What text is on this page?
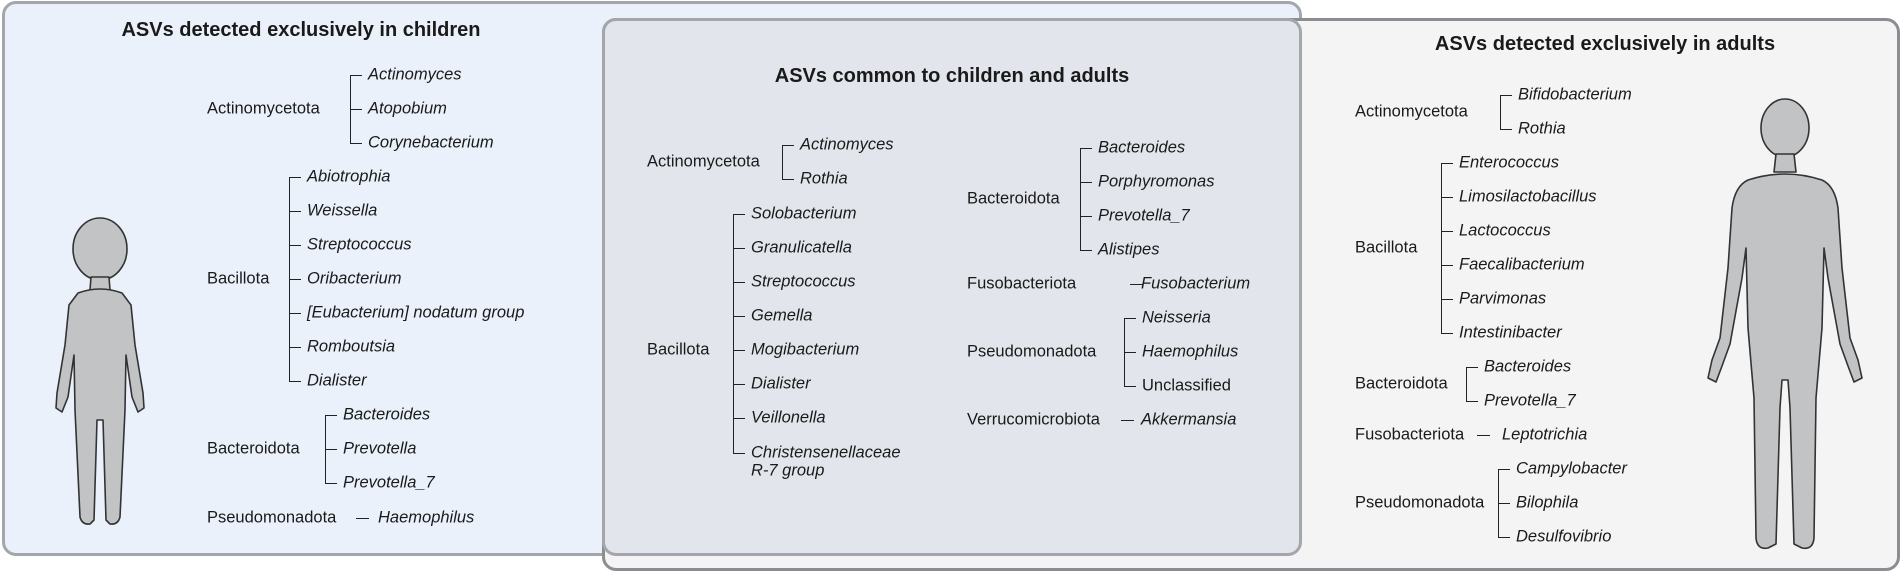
ASVs detected exclusively in children
Actinomycetota
Actinomyces
Atopobium
Corynebacterium
Bacillota
Abiotrophia
Weissella
Streptococcus
Oribacterium
[Eubacterium] nodatum group
Romboutsia
Dialister
Bacteroidota
Bacteroides
Prevotella
Prevotella_7
Pseudomonadota	Haemophilus
ASVs common to children and adults
Actinomycetota
Actinomyces
Rothia
Bacillota
Solobacterium
Granulicatella
Streptococcus
Gemella
Mogibacterium
Dialister
Veillonella
Christensenellaceae
R-7 group
Bacteroidota
Bacteroides
Porphyromonas
Prevotella_7
Alistipes
Fusobacteriota	Fusobacterium
Pseudomonadota
Neisseria
Haemophilus
Unclassified
Verrucomicrobiota Akkermansia
ASVs detected exclusively in adults
Actinomycetota
Bifidobacterium
Rothia
Bacillota
Enterococcus
Limosilactobacillus
Lactococcus
Faecalibacterium
Parvimonas
Intestinibacter
Bacteroidota
Bacteroides
Prevotella_7
Fusobacteriota Leptotrichia
Pseudomonadota
Campylobacter
Bilophila
Desulfovibrio
